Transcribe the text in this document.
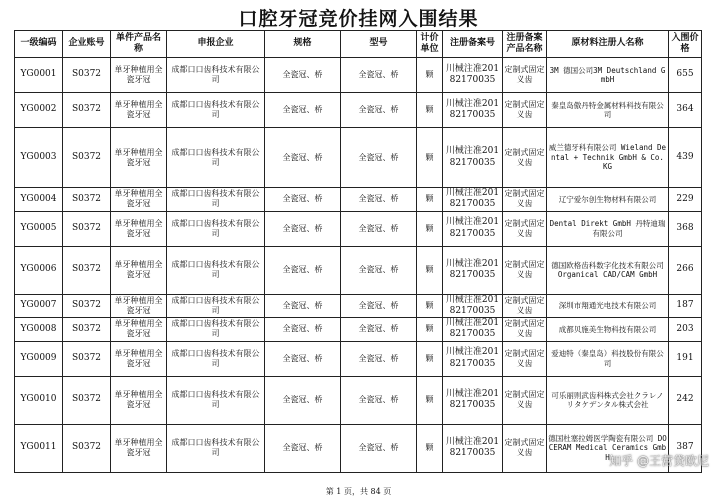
口腔牙冠竞价挂网入围结果
一级编码	企业账号	单件产品名称	申报企业	规格	型号	计价单位	注册备案号	注册备案产品名称	原材料注册人名称	入围价格
YG0001	S0372	单牙种植用全瓷牙冠	成都口口齿科技术有限公司	全瓷冠、桥	全瓷冠、桥	颗	川械注准20182170035	定制式固定义齿	3M 德国公司3M Deutschland GmbH	655
YG0002	S0372	单牙种植用全瓷牙冠	成都口口齿科技术有限公司	全瓷冠、桥	全瓷冠、桥	颗	川械注准20182170035	定制式固定义齿	秦皇岛傲丹特金属材料科技有限公司	364
YG0003	S0372	单牙种植用全瓷牙冠	成都口口齿科技术有限公司	全瓷冠、桥	全瓷冠、桥	颗	川械注准20182170035	定制式固定义齿	威兰德牙科有限公司 Wieland Dental + Technik GmbH & Co. KG	439
YG0004	S0372	单牙种植用全瓷牙冠	成都口口齿科技术有限公司	全瓷冠、桥	全瓷冠、桥	颗	川械注准20182170035	定制式固定义齿	辽宁爱尔创生物材料有限公司	229
YG0005	S0372	单牙种植用全瓷牙冠	成都口口齿科技术有限公司	全瓷冠、桥	全瓷冠、桥	颗	川械注准20182170035	定制式固定义齿	Dental Direkt GmbH 丹特迪瑞有限公司	368
YG0006	S0372	单牙种植用全瓷牙冠	成都口口齿科技术有限公司	全瓷冠、桥	全瓷冠、桥	颗	川械注准20182170035	定制式固定义齿	德国欧格齿科数字化技术有限公司 Organical CAD/CAM GmbH	266
YG0007	S0372	单牙种植用全瓷牙冠	成都口口齿科技术有限公司	全瓷冠、桥	全瓷冠、桥	颗	川械注准20182170035	定制式固定义齿	深圳市翔通光电技术有限公司	187
YG0008	S0372	单牙种植用全瓷牙冠	成都口口齿科技术有限公司	全瓷冠、桥	全瓷冠、桥	颗	川械注准20182170035	定制式固定义齿	成都贝施美生物科技有限公司	203
YG0009	S0372	单牙种植用全瓷牙冠	成都口口齿科技术有限公司	全瓷冠、桥	全瓷冠、桥	颗	川械注准20182170035	定制式固定义齿	爱迪特（秦皇岛）科技股份有限公司	191
YG0010	S0372	单牙种植用全瓷牙冠	成都口口齿科技术有限公司	全瓷冠、桥	全瓷冠、桥	颗	川械注准20182170035	定制式固定义齿	可乐丽则武齿科株式会社クラレノリタケデンタル株式会社	242
YG0011	S0372	单牙种植用全瓷牙冠	成都口口齿科技术有限公司	全瓷冠、桥	全瓷冠、桥	颗	川械注准20182170035	定制式固定义齿	德国杜塞拉姆医学陶瓷有限公司 DOCERAM Medical Ceramics GmbH	387
第 1 页，共 84 页
知乎 @王营贷欧尼
